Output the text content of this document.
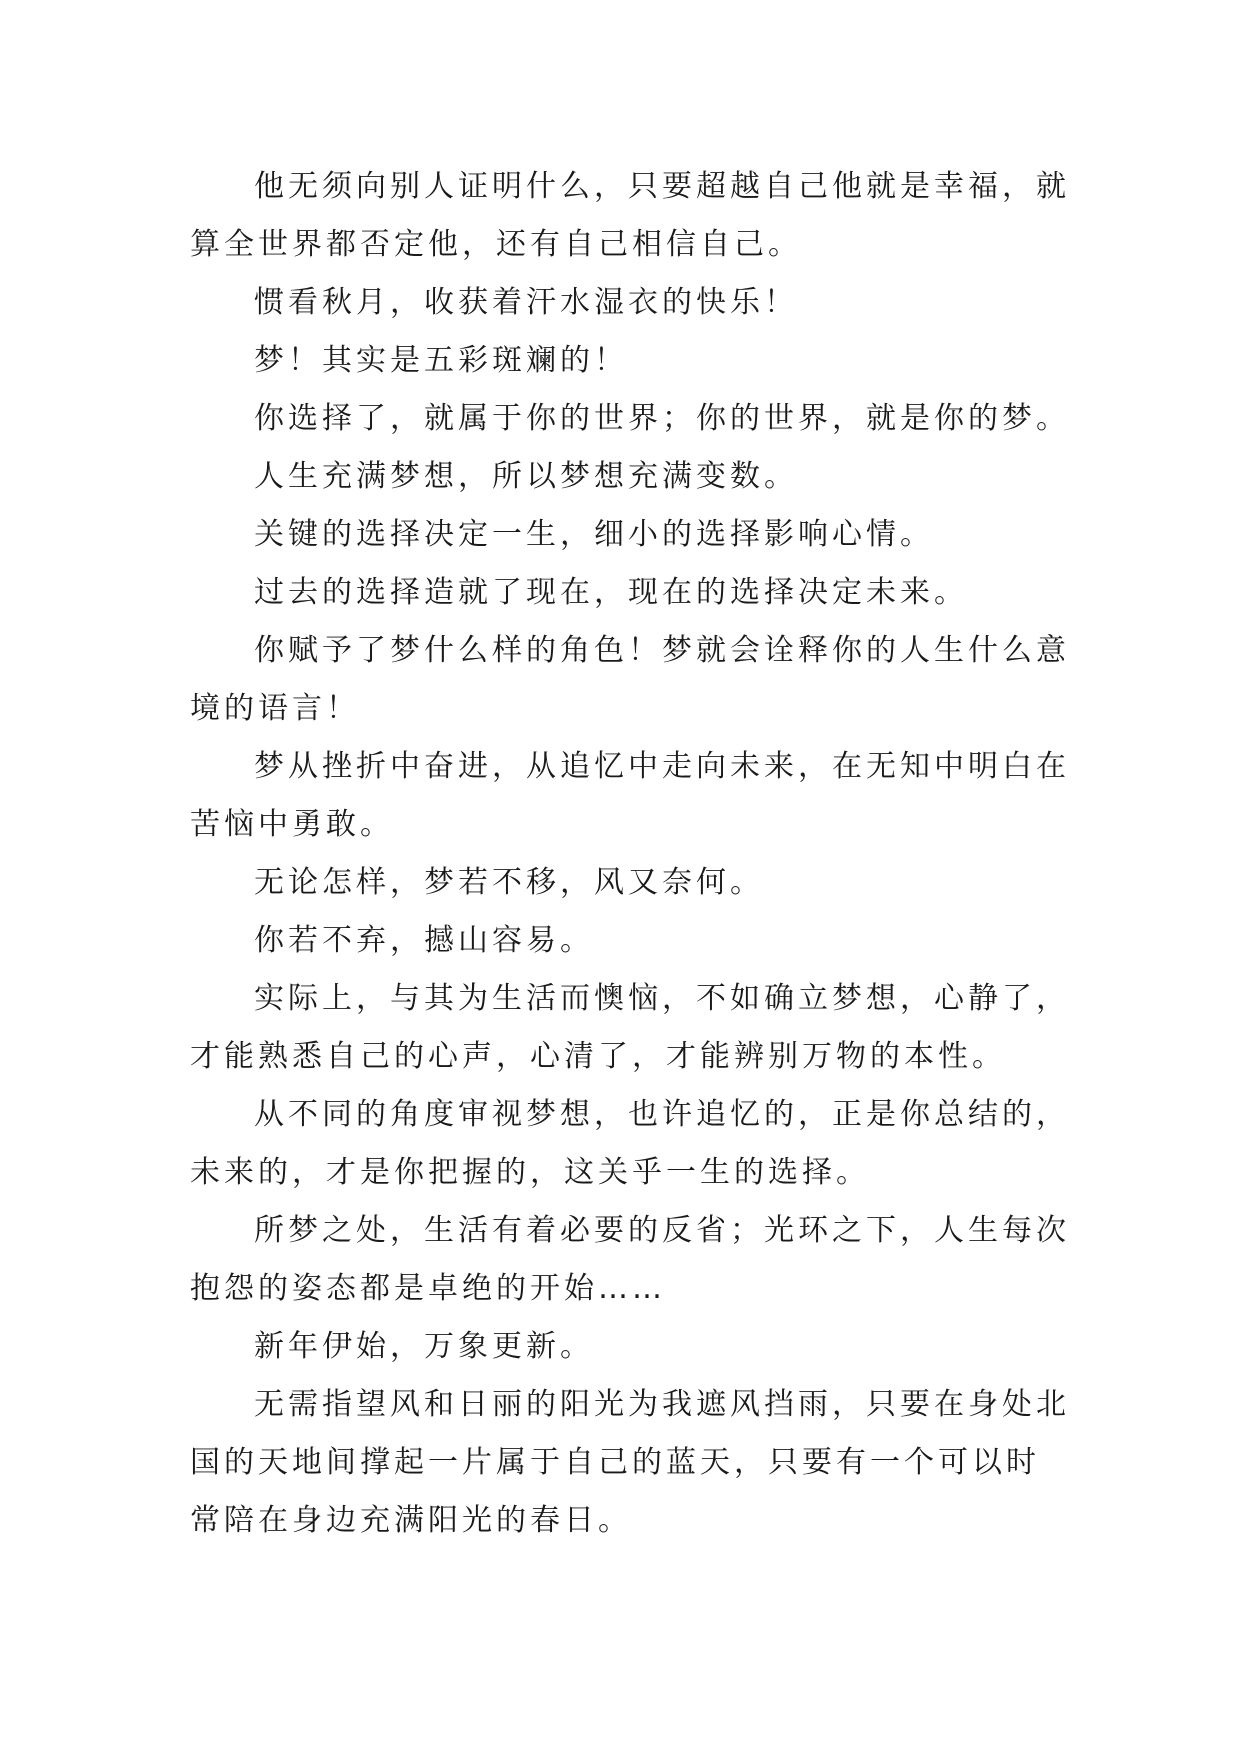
他无须向别人证明什么，只要超越自己他就是幸福，就算全世界都否定他，还有自己相信自己。

惯看秋月，收获着汗水湿衣的快乐！

梦！其实是五彩斑斓的！

你选择了，就属于你的世界；你的世界，就是你的梦。

人生充满梦想，所以梦想充满变数。

关键的选择决定一生，细小的选择影响心情。

过去的选择造就了现在，现在的选择决定未来。

你赋予了梦什么样的角色！梦就会诠释你的人生什么意境的语言！

梦从挫折中奋进，从追忆中走向未来，在无知中明白在苦恼中勇敢。

无论怎样，梦若不移，风又奈何。

你若不弃，撼山容易。

实际上，与其为生活而懊恼，不如确立梦想，心静了，才能熟悉自己的心声，心清了，才能辨别万物的本性。

从不同的角度审视梦想，也许追忆的，正是你总结的，未来的，才是你把握的，这关乎一生的选择。

所梦之处，生活有着必要的反省；光环之下，人生每次抱怨的姿态都是卓绝的开始……

新年伊始，万象更新。

无需指望风和日丽的阳光为我遮风挡雨，只要在身处北国的天地间撑起一片属于自己的蓝天，只要有一个可以时常陪在身边充满阳光的春日。
